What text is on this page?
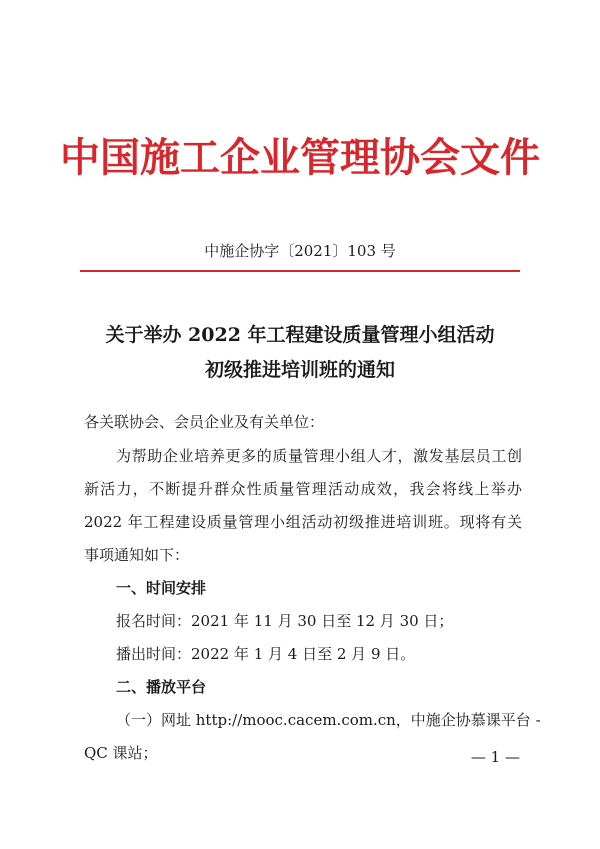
中国施工企业管理协会文件
中施企协字〔2021〕103 号
关于举办 2022 年工程建设质量管理小组活动
初级推进培训班的通知
各关联协会、会员企业及有关单位：
为帮助企业培养更多的质量管理小组人才，激发基层员工创
新活力，不断提升群众性质量管理活动成效，我会将线上举办
2022 年工程建设质量管理小组活动初级推进培训班。现将有关
事项通知如下：
一、时间安排
报名时间：2021 年 11 月 30 日至 12 月 30 日；
播出时间：2022 年 1 月 4 日至 2 月 9 日。
二、播放平台
（一）网址 http://mooc.cacem.com.cn，中施企协慕课平台 -
QC 课站；	— 1 —
